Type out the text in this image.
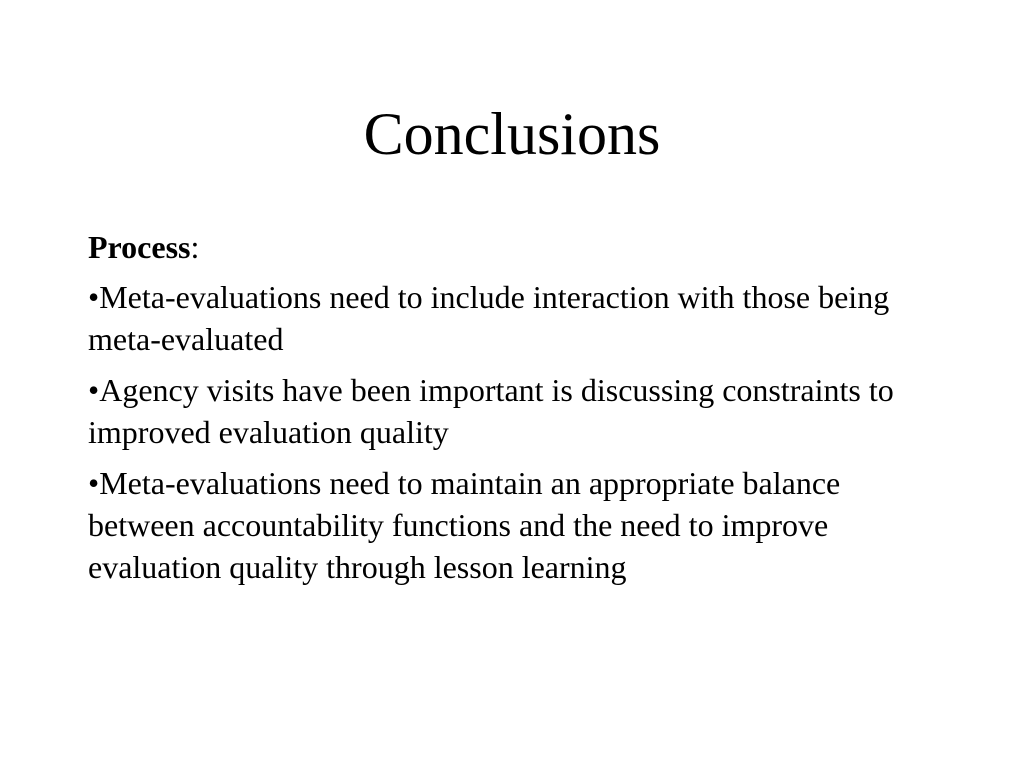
Conclusions
Process:
•Meta-evaluations need to include interaction with those being meta-evaluated
•Agency visits have been important is discussing constraints to improved evaluation quality
•Meta-evaluations need to maintain an appropriate balance between accountability functions and the need to improve evaluation quality through lesson learning
